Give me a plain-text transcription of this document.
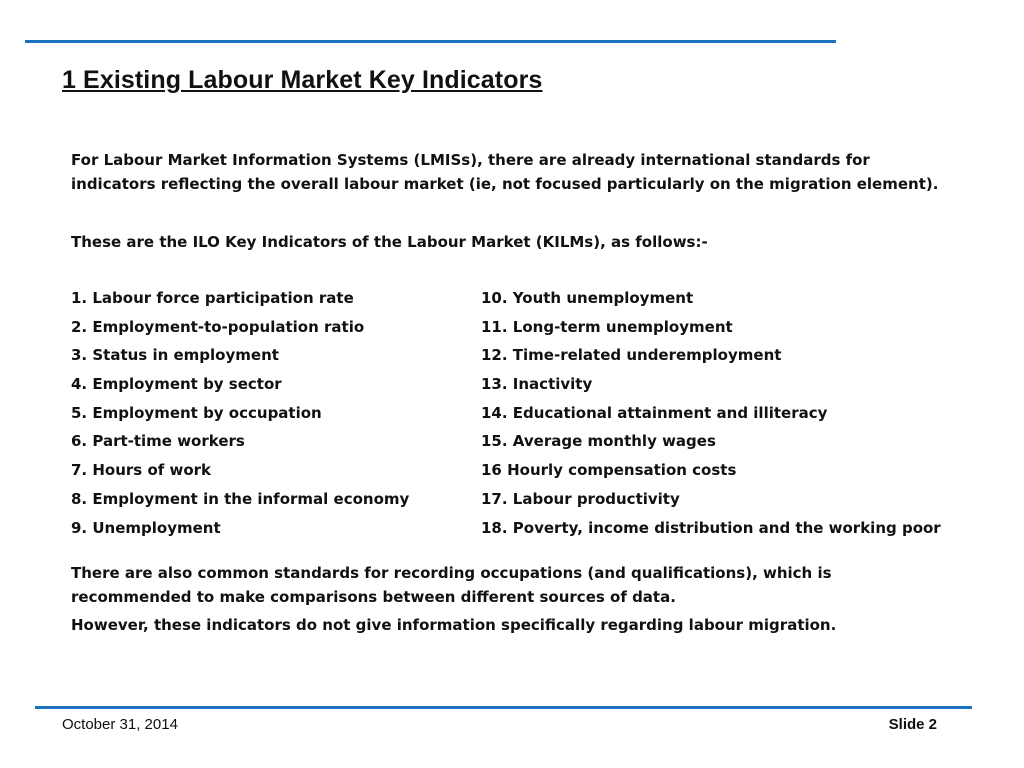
1 Existing Labour Market Key Indicators

For Labour Market Information Systems (LMISs), there are already international standards for indicators reflecting the overall labour market (ie, not focused particularly on the migration element).

These are the ILO Key Indicators of the Labour Market (KILMs), as follows:-

1. Labour force participation rate
2. Employment-to-population ratio
3. Status in employment
4. Employment by sector
5. Employment by occupation
6. Part-time workers
7. Hours of work
8. Employment in the informal economy
9. Unemployment
10. Youth unemployment
11. Long-term unemployment
12. Time-related underemployment
13. Inactivity
14. Educational attainment and illiteracy
15. Average monthly wages
16 Hourly compensation costs
17. Labour productivity
18. Poverty, income distribution and the working poor

There are also common standards for recording occupations (and qualifications), which is recommended to make comparisons between different sources of data.

However, these indicators do not give information specifically regarding labour migration.

October 31, 2014	Slide 2
